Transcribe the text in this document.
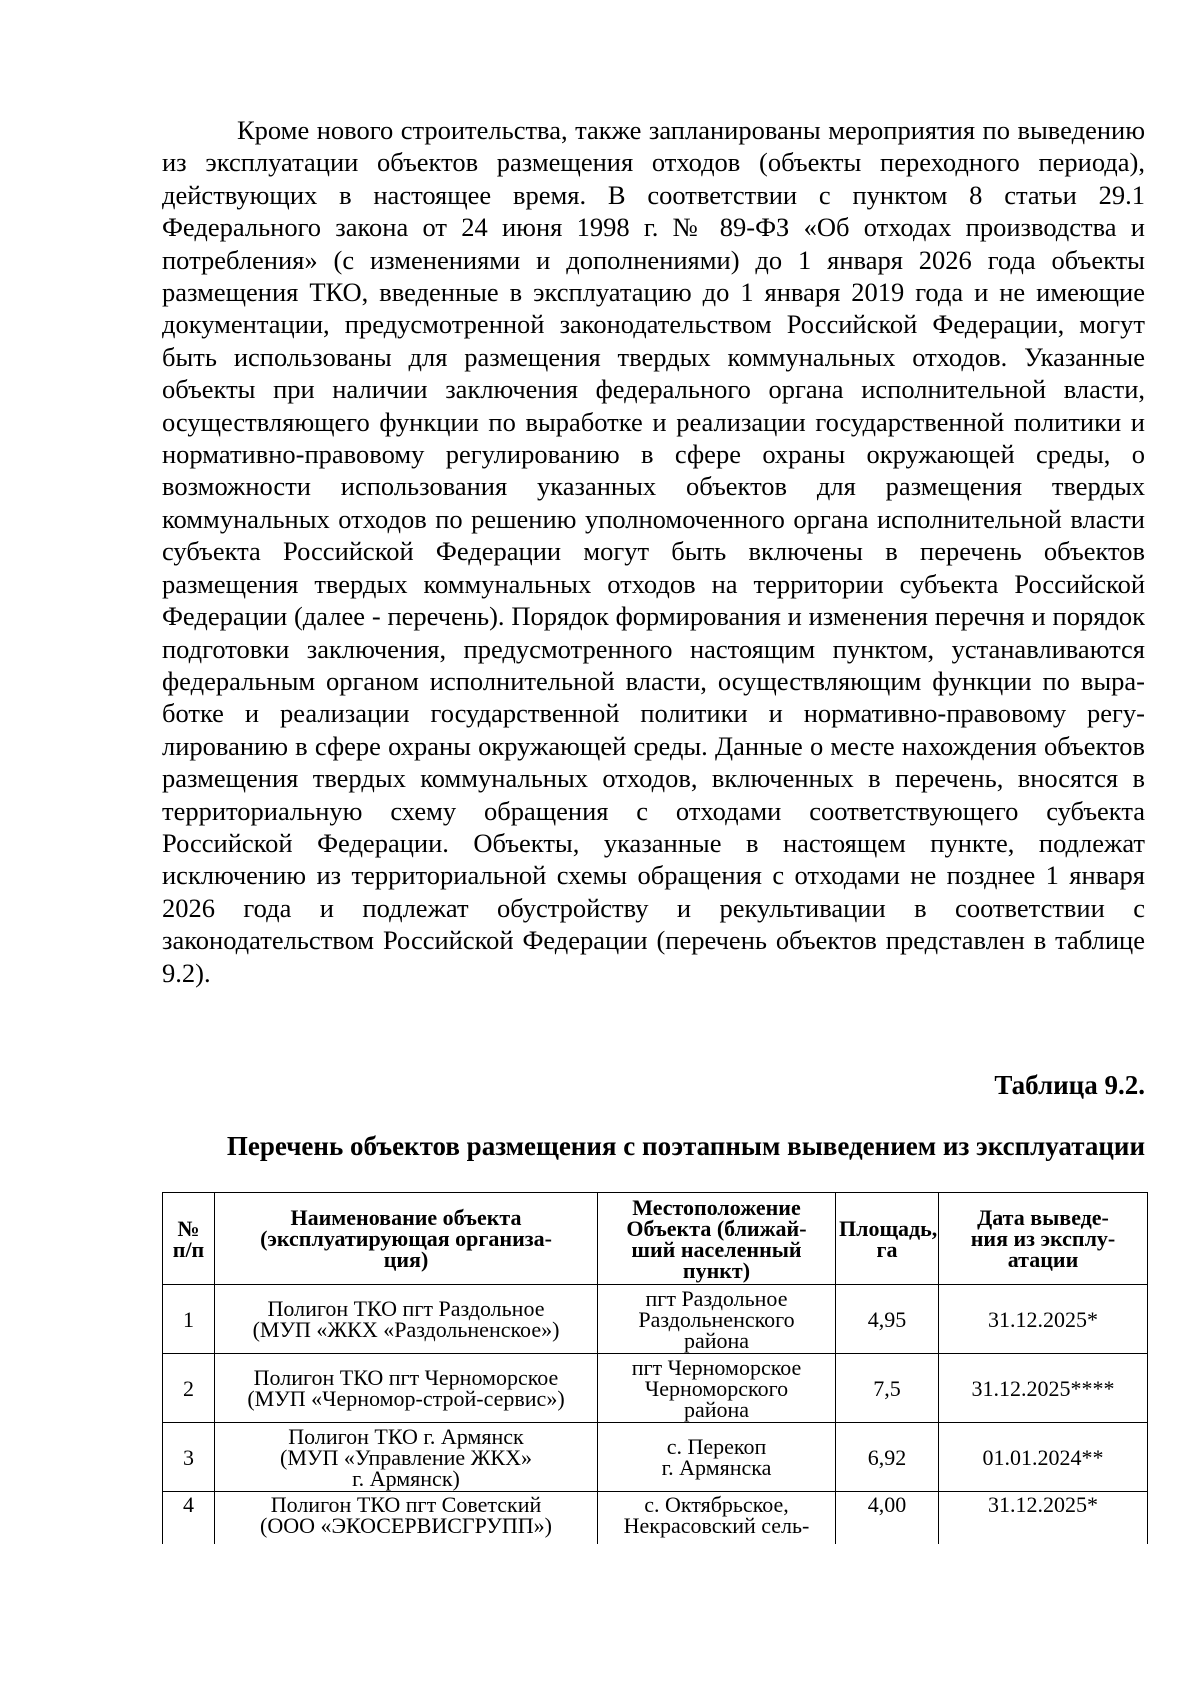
Кроме нового строительства, также запланированы мероприятия по выведению из эксплуатации объектов размещения отходов (объекты переходного периода), действующих в настоящее время. В соответствии с пунктом 8 статьи 29.1 Федерального закона от 24 июня 1998 г. № 89-ФЗ «Об отходах производства и потребления» (с изменениями и дополнениями) до 1 января 2026 года объекты размещения ТКО, введенные в эксплуатацию до 1 января 2019 года и не имеющие документации, предусмотренной законодательством Российской Федерации, могут быть использованы для размещения твердых коммунальных отходов. Указанные объекты при наличии заключения федерального органа исполнительной власти, осуществляющего функции по выработке и реализации государственной политики и нормативно-правовому регулированию в сфере охраны окружающей среды, о возможности использования указанных объектов для размещения твердых коммунальных отходов по решению уполномоченного органа исполнительной власти субъекта Российской Федерации могут быть включены в перечень объектов размещения твердых коммунальных отходов на территории субъекта Российской Федерации (далее - перечень). Порядок формирования и изменения перечня и порядок подготовки заключения, предусмотренного настоящим пунктом, устанавливаются федеральным органом исполнительной власти, осуществляющим функции по выработке и реализации государственной политики и нормативно-правовому регулированию в сфере охраны окружающей среды. Данные о месте нахождения объектов размещения твердых коммунальных отходов, включенных в перечень, вносятся в территориальную схему обращения с отходами соответствующего субъекта Российской Федерации. Объекты, указанные в настоящем пункте, подлежат исключению из территориальной схемы обращения с отходами не позднее 1 января 2026 года и подлежат обустройству и рекультивации в соответствии с законодательством Российской Федерации (перечень объектов представлен в таблице 9.2).

Таблица 9.2.
Перечень объектов размещения с поэтапным выведением из эксплуатации
№
п/п	Наименование объекта
(эксплуатирующая организа-
ция)	Местоположение
Объекта (ближай-
ший населенный
пункт)	Площадь,
га	Дата выведе-
ния из эксплу-
атации

1	Полигон ТКО пгт Раздольное
(МУП «ЖКХ «Раздольненское»)	пгт Раздольное
Раздольненского
района	4,95	31.12.2025*
2	Полигон ТКО пгт Черноморское
(МУП «Черномор-строй-сервис»)	пгт Черноморское
Черноморского
района	7,5	31.12.2025****
3	Полигон ТКО г. Армянск
(МУП «Управление ЖКХ»
г. Армянск)	с. Перекоп
г. Армянска	6,92	01.01.2024**
4	Полигон ТКО пгт Советский
(ООО «ЭКОСЕРВИСГРУПП»)	с. Октябрьское,
Некрасовский сель-	4,00	31.12.2025*
